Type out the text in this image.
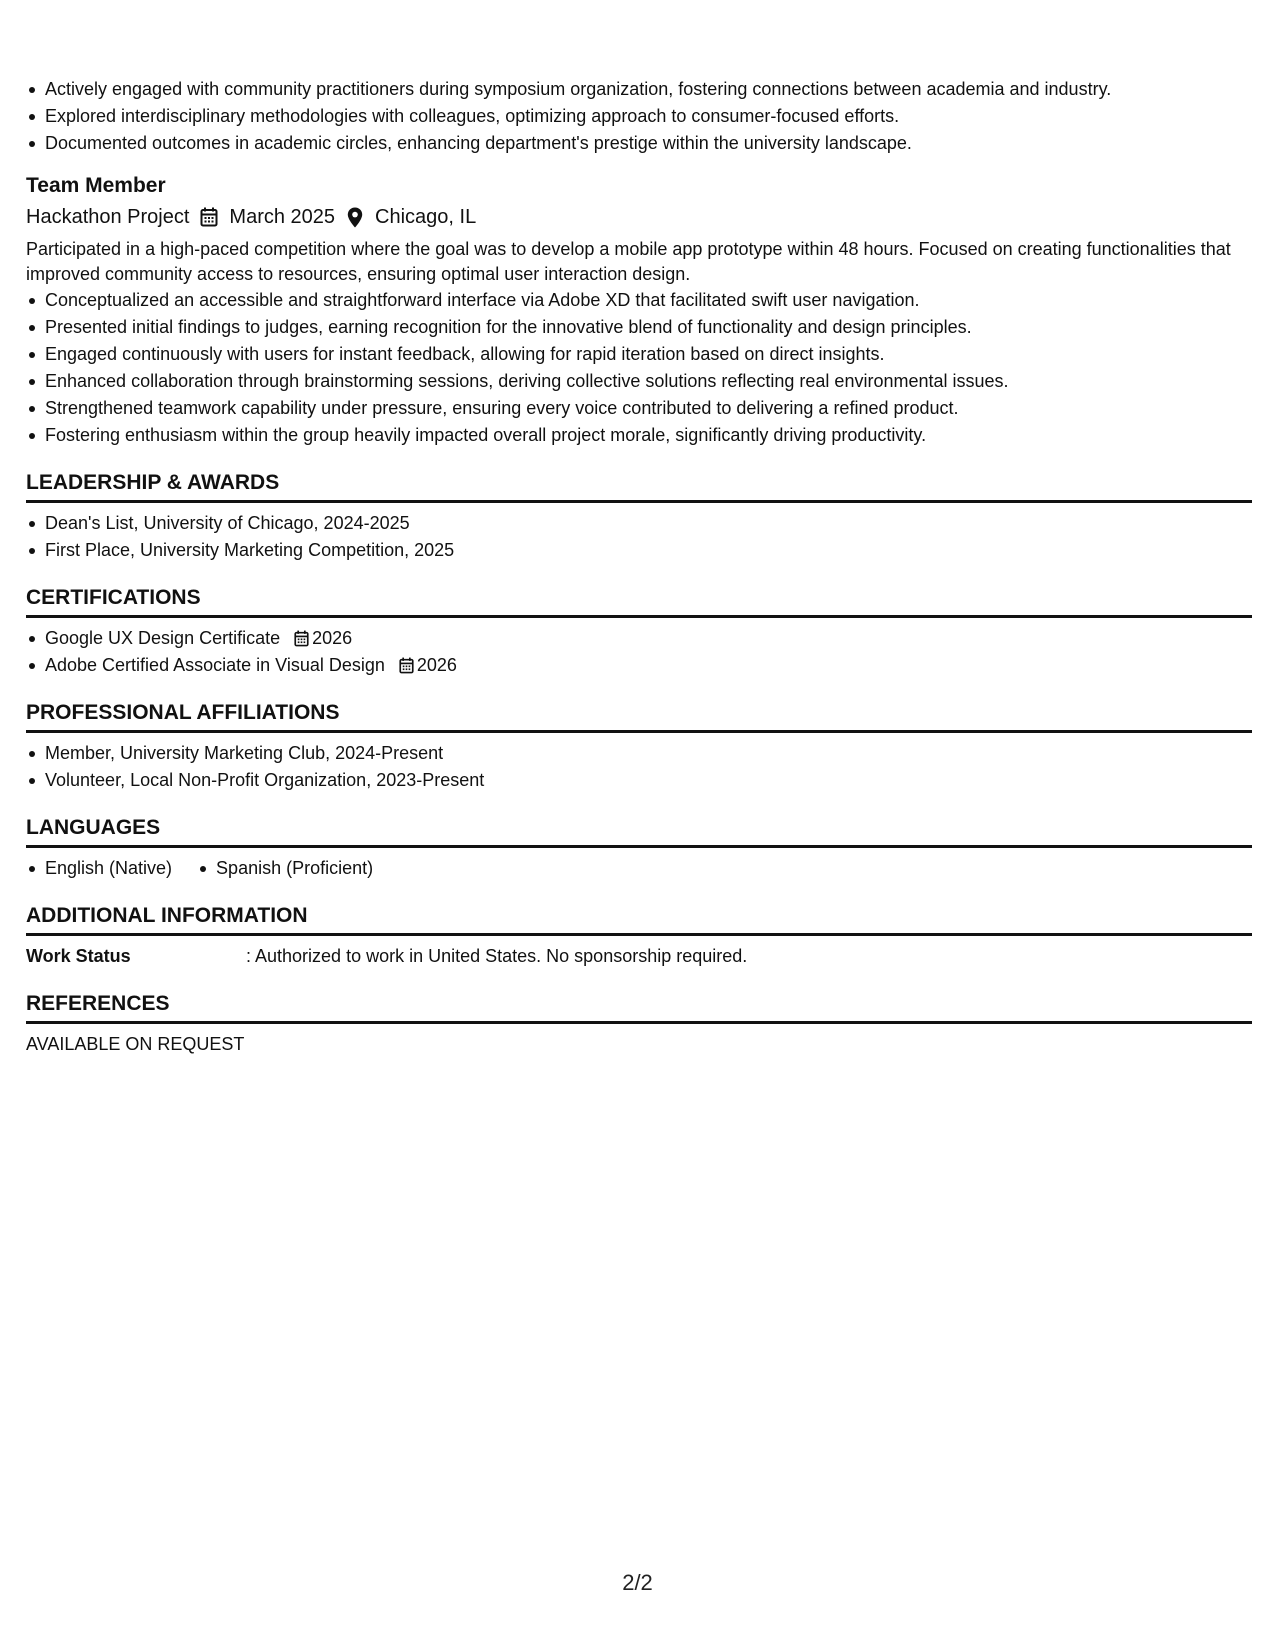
Actively engaged with community practitioners during symposium organization, fostering connections between academia and industry.
Explored interdisciplinary methodologies with colleagues, optimizing approach to consumer-focused efforts.
Documented outcomes in academic circles, enhancing department's prestige within the university landscape.
Team Member
Hackathon Project March 2025 Chicago, IL
Participated in a high-paced competition where the goal was to develop a mobile app prototype within 48 hours. Focused on creating functionalities that improved community access to resources, ensuring optimal user interaction design.
Conceptualized an accessible and straightforward interface via Adobe XD that facilitated swift user navigation.
Presented initial findings to judges, earning recognition for the innovative blend of functionality and design principles.
Engaged continuously with users for instant feedback, allowing for rapid iteration based on direct insights.
Enhanced collaboration through brainstorming sessions, deriving collective solutions reflecting real environmental issues.
Strengthened teamwork capability under pressure, ensuring every voice contributed to delivering a refined product.
Fostering enthusiasm within the group heavily impacted overall project morale, significantly driving productivity.
LEADERSHIP & AWARDS
Dean's List, University of Chicago, 2024-2025
First Place, University Marketing Competition, 2025
CERTIFICATIONS
Google UX Design Certificate 2026
Adobe Certified Associate in Visual Design 2026
PROFESSIONAL AFFILIATIONS
Member, University Marketing Club, 2024-Present
Volunteer, Local Non-Profit Organization, 2023-Present
LANGUAGES
English (Native)	Spanish (Proficient)
ADDITIONAL INFORMATION
Work Status	: Authorized to work in United States. No sponsorship required.
REFERENCES
AVAILABLE ON REQUEST
2/2
